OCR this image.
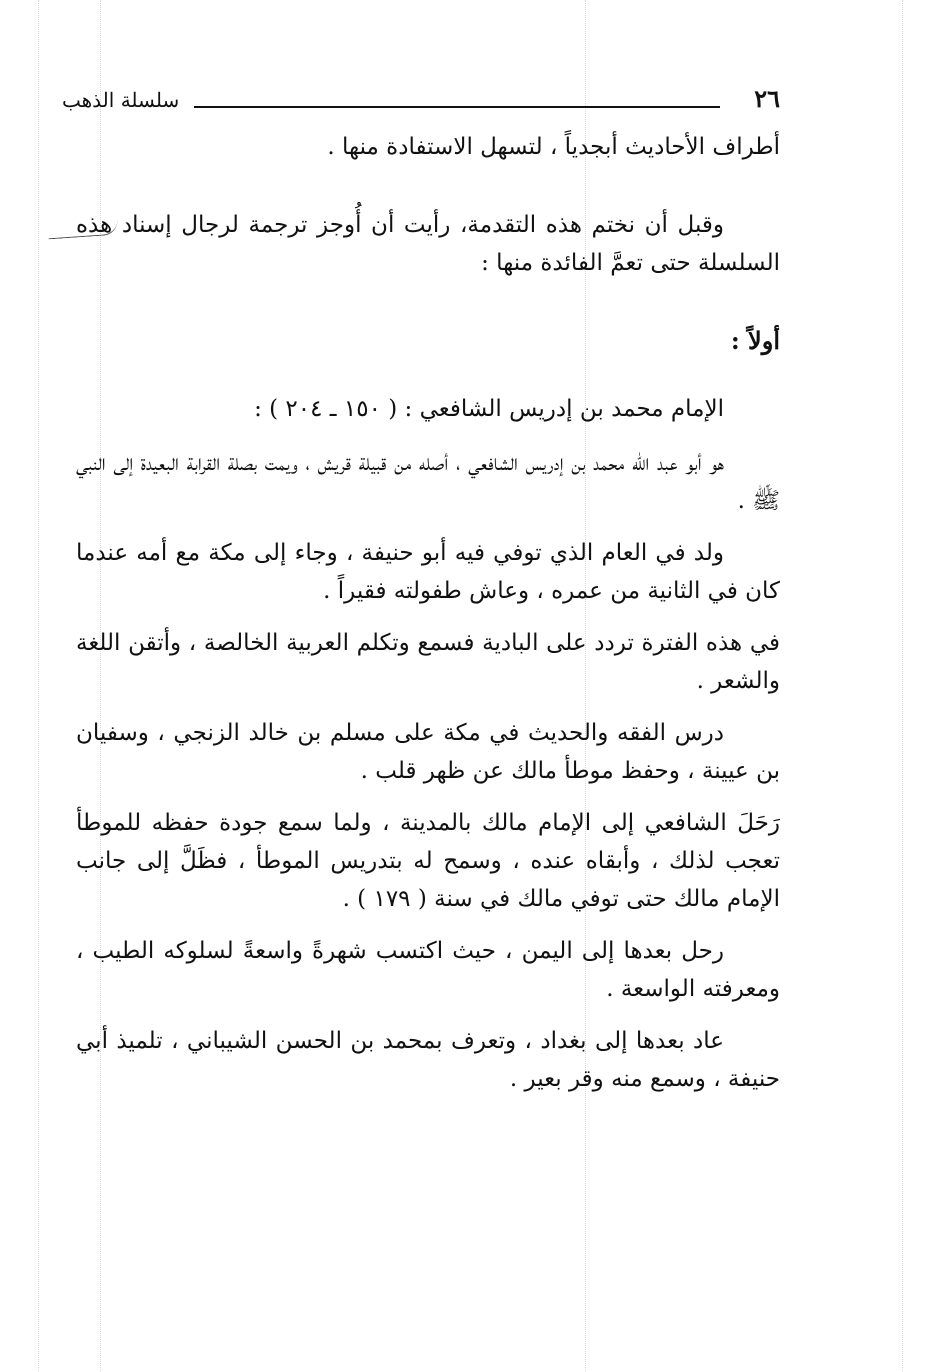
٢٦
سلسلة الذهب

أطراف الأحاديث أبجدياً ، لتسهل الاستفادة منها .

وقبل أن نختم هذه التقدمة، رأيت أن أُوجز ترجمة لرجال إسناد هذه السلسلة حتى تعمَّ الفائدة منها :

أولاً :
الإمام محمد بن إدريس الشافعي : ( ١٥٠ ـ ٢٠٤ ) :

هو أبو عبد الله محمد بن إدريس الشافعي ، أصله من قبيلة قريش ، ويمت بصلة القرابة البعيدة إلى النبي ﷺ .

ولد في العام الذي توفي فيه أبو حنيفة ، وجاء إلى مكة مع أمه عندما كان في الثانية من عمره ، وعاش طفولته فقيراً .

في هذه الفترة تردد على البادية فسمع وتكلم العربية الخالصة ، وأتقن اللغة والشعر .

درس الفقه والحديث في مكة على مسلم بن خالد الزنجي ، وسفيان بن عيينة ، وحفظ موطأ مالك عن ظهر قلب .

رَحَلَ الشافعي إلى الإمام مالك بالمدينة ، ولما سمع جودة حفظه للموطأ تعجب لذلك ، وأبقاه عنده ، وسمح له بتدريس الموطأ ، فظَلَّ إلى جانب الإمام مالك حتى توفي مالك في سنة ( ١٧٩ ) .

رحل بعدها إلى اليمن ، حيث اكتسب شهرةً واسعةً لسلوكه الطيب ، ومعرفته الواسعة .

عاد بعدها إلى بغداد ، وتعرف بمحمد بن الحسن الشيباني ، تلميذ أبي حنيفة ، وسمع منه وقر بعير .
